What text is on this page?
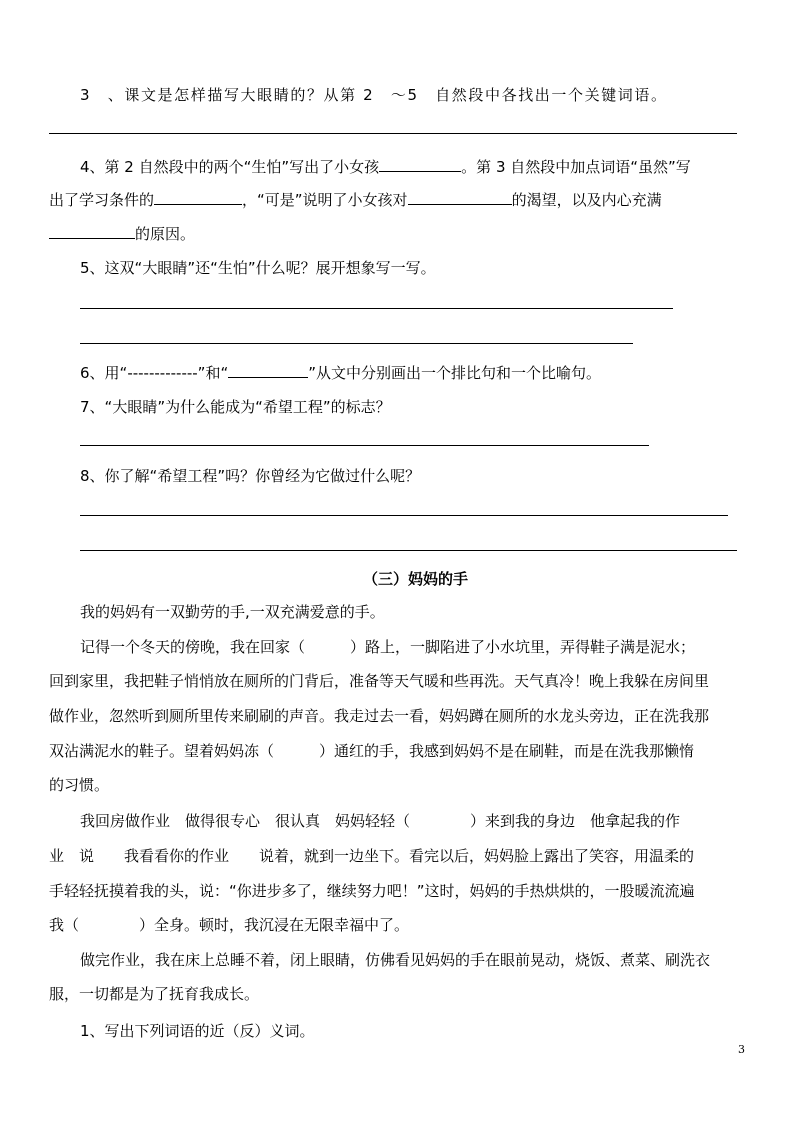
3　、课文是怎样描写大眼睛的？从第 2　～5　自然段中各找出一个关键词语。
4、第 2 自然段中的两个“生怕”写出了小女孩	。第 3 自然段中加点词语“虽然”写
出了学习条件的	，“可是”说明了小女孩对	的渴望，以及内心充满
的原因。
5、这双“大眼睛”还“生怕”什么呢？展开想象写一写。
6、用“-------------”和“	”从文中分别画出一个排比句和一个比喻句。
7、“大眼睛”为什么能成为“希望工程”的标志？
8、你了解“希望工程”吗？你曾经为它做过什么呢？
（三）妈妈的手
我的妈妈有一双勤劳的手,一双充满爱意的手。
记得一个冬天的傍晚，我在回家（　　　）路上，一脚陷进了小水坑里，弄得鞋子满是泥水；
回到家里，我把鞋子悄悄放在厕所的门背后，准备等天气暖和些再洗。天气真冷！晚上我躲在房间里
做作业，忽然听到厕所里传来刷刷的声音。我走过去一看，妈妈蹲在厕所的水龙头旁边，正在洗我那
双沾满泥水的鞋子。望着妈妈冻（　　　）通红的手，我感到妈妈不是在刷鞋，而是在洗我那懒惰
的习惯。
我回房做作业　做得很专心　很认真　妈妈轻轻（　　　　）来到我的身边　他拿起我的作
业　说　　我看看你的作业　　说着，就到一边坐下。看完以后，妈妈脸上露出了笑容，用温柔的
手轻轻抚摸着我的头，说：“你进步多了，继续努力吧！”这时，妈妈的手热烘烘的，一股暖流流遍
我（　　　　）全身。顿时，我沉浸在无限幸福中了。
做完作业，我在床上总睡不着，闭上眼睛，仿佛看见妈妈的手在眼前晃动，烧饭、煮菜、刷洗衣
服，一切都是为了抚育我成长。
1、写出下列词语的近（反）义词。
3
